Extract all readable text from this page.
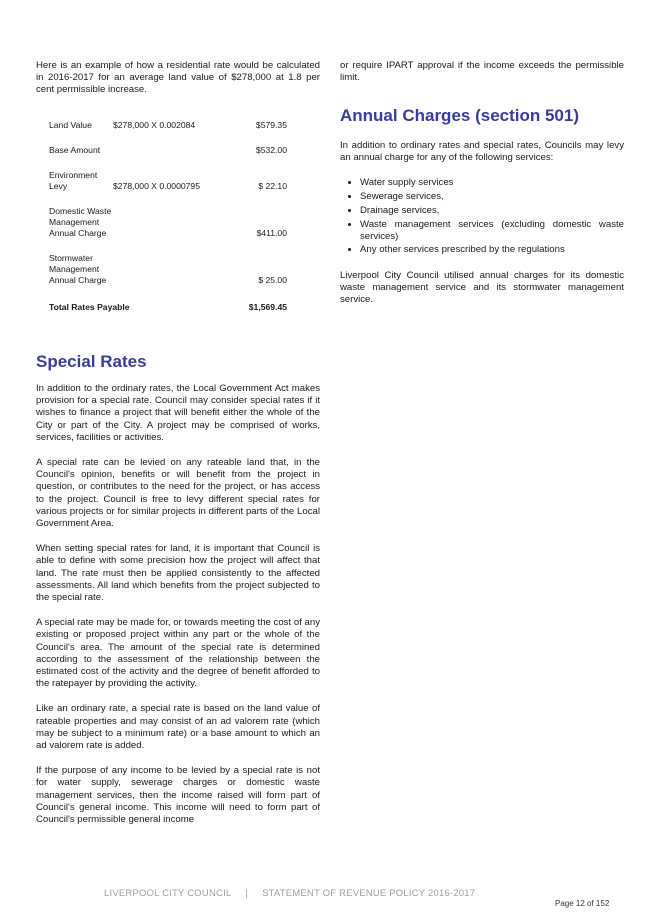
Here is an example of how a residential rate would be calculated in 2016-2017 for an average land value of $278,000 at 1.8 per cent permissible increase.

Land Value	$278,000 X 0.002084	$579.35
Base Amount		$532.00
Environment Levy	$278,000 X 0.0000795	$ 22.10

Domestic Waste Management Annual Charge		$411.00

Stormwater Management Annual Charge		$ 25.00
Total Rates Payable		$1,569.45
Special Rates

In addition to the ordinary rates, the Local Government Act makes provision for a special rate. Council may consider special rates if it wishes to finance a project that will benefit either the whole of the City or part of the City. A project may be comprised of works, services, facilities or activities.

A special rate can be levied on any rateable land that, in the Council's opinion, benefits or will benefit from the project in question, or contributes to the need for the project, or has access to the project. Council is free to levy different special rates for various projects or for similar projects in different parts of the Local Government Area.

When setting special rates for land, it is important that Council is able to define with some precision how the project will affect that land. The rate must then be applied consistently to the affected assessments. All land which benefits from the project subjected to the special rate.

A special rate may be made for, or towards meeting the cost of any existing or proposed project within any part or the whole of the Council's area. The amount of the special rate is determined according to the assessment of the relationship between the estimated cost of the activity and the degree of benefit afforded to the ratepayer by providing the activity.

Like an ordinary rate, a special rate is based on the land value of rateable properties and may consist of an ad valorem rate (which may be subject to a minimum rate) or a base amount to which an ad valorem rate is added.

If the purpose of any income to be levied by a special rate is not for water supply, sewerage charges or domestic waste management services, then the income raised will form part of Council's general income. This income will need to form part of Council's permissible general income

or require IPART approval if the income exceeds the permissible limit.

Annual Charges (section 501)

In addition to ordinary rates and special rates, Councils may levy an annual charge for any of the following services:

• Water supply services
• Sewerage services,
• Drainage services,
• Waste management services (excluding domestic waste services)
• Any other services prescribed by the regulations

Liverpool City Council utilised annual charges for its domestic waste management service and its stormwater management service.

LIVERPOOL CITY COUNCIL | STATEMENT OF REVENUE POLICY 2016-2017
Page 12 of 152
